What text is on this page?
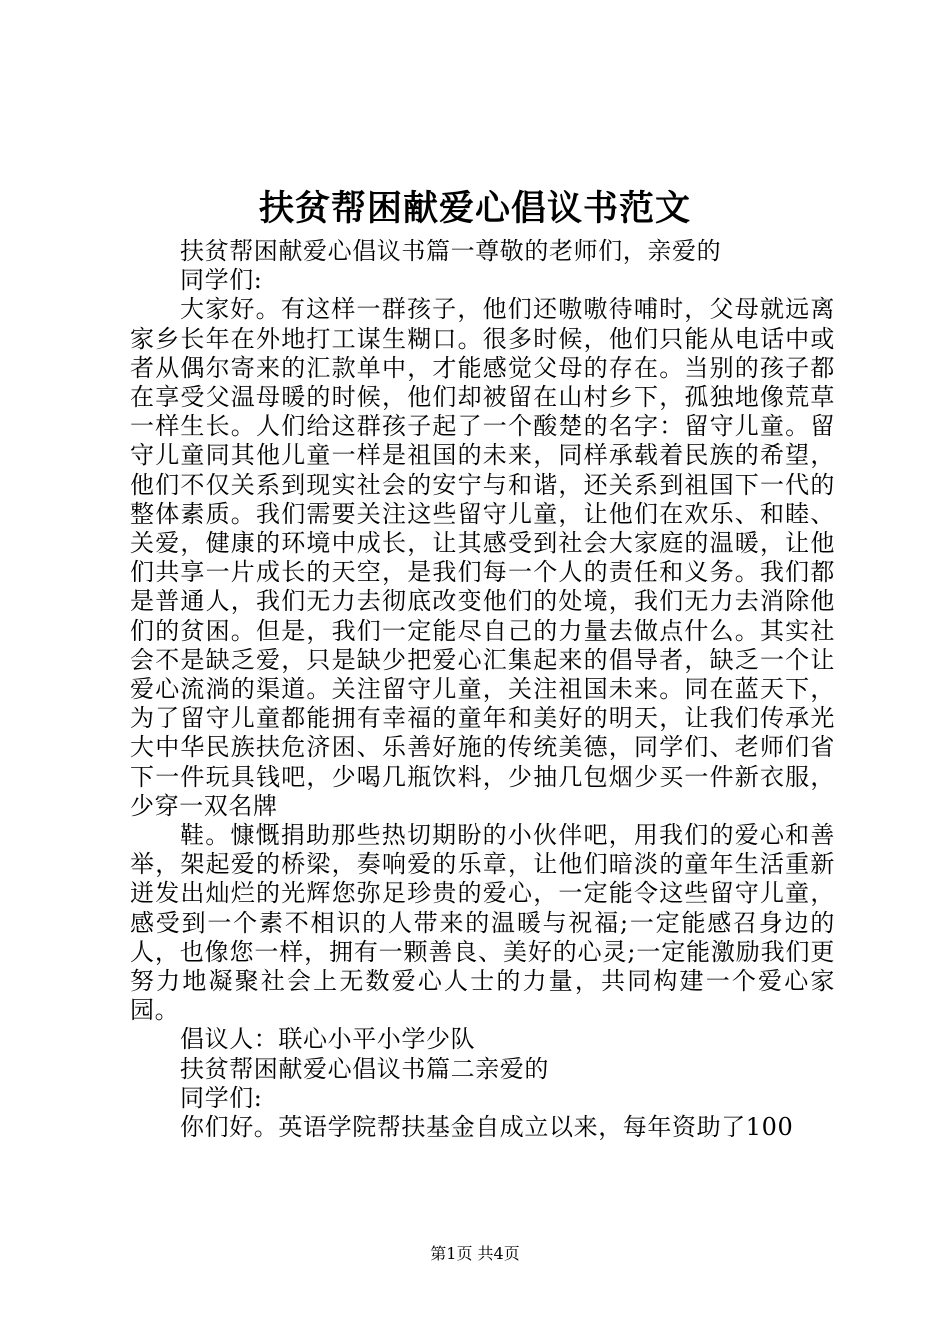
扶贫帮困献爱心倡议书范文

扶贫帮困献爱心倡议书篇一尊敬的老师们，亲爱的

同学们:

大家好。有这样一群孩子，他们还嗷嗷待哺时，父母就远离家乡长年在外地打工谋生糊口。很多时候，他们只能从电话中或者从偶尔寄来的汇款单中，才能感觉父母的存在。当别的孩子都在享受父温母暖的时候，他们却被留在山村乡下，孤独地像荒草一样生长。人们给这群孩子起了一个酸楚的名字：留守儿童。留守儿童同其他儿童一样是祖国的未来，同样承载着民族的希望，他们不仅关系到现实社会的安宁与和谐，还关系到祖国下一代的整体素质。我们需要关注这些留守儿童，让他们在欢乐、和睦、关爱，健康的环境中成长，让其感受到社会大家庭的温暖，让他们共享一片成长的天空，是我们每一个人的责任和义务。我们都是普通人，我们无力去彻底改变他们的处境，我们无力去消除他们的贫困。但是，我们一定能尽自己的力量去做点什么。其实社会不是缺乏爱，只是缺少把爱心汇集起来的倡导者，缺乏一个让爱心流淌的渠道。关注留守儿童，关注祖国未来。同在蓝天下，为了留守儿童都能拥有幸福的童年和美好的明天，让我们传承光大中华民族扶危济困、乐善好施的传统美德，同学们、老师们省下一件玩具钱吧，少喝几瓶饮料，少抽几包烟少买一件新衣服，少穿一双名牌

鞋。慷慨捐助那些热切期盼的小伙伴吧，用我们的爱心和善举，架起爱的桥梁，奏响爱的乐章，让他们暗淡的童年生活重新迸发出灿烂的光辉您弥足珍贵的爱心，一定能令这些留守儿童，感受到一个素不相识的人带来的温暖与祝福;一定能感召身边的人，也像您一样，拥有一颗善良、美好的心灵;一定能激励我们更努力地凝聚社会上无数爱心人士的力量，共同构建一个爱心家园。

倡议人：联心小平小学少队

扶贫帮困献爱心倡议书篇二亲爱的

同学们:

你们好。英语学院帮扶基金自成立以来，每年资助了100

第1页 共4页
